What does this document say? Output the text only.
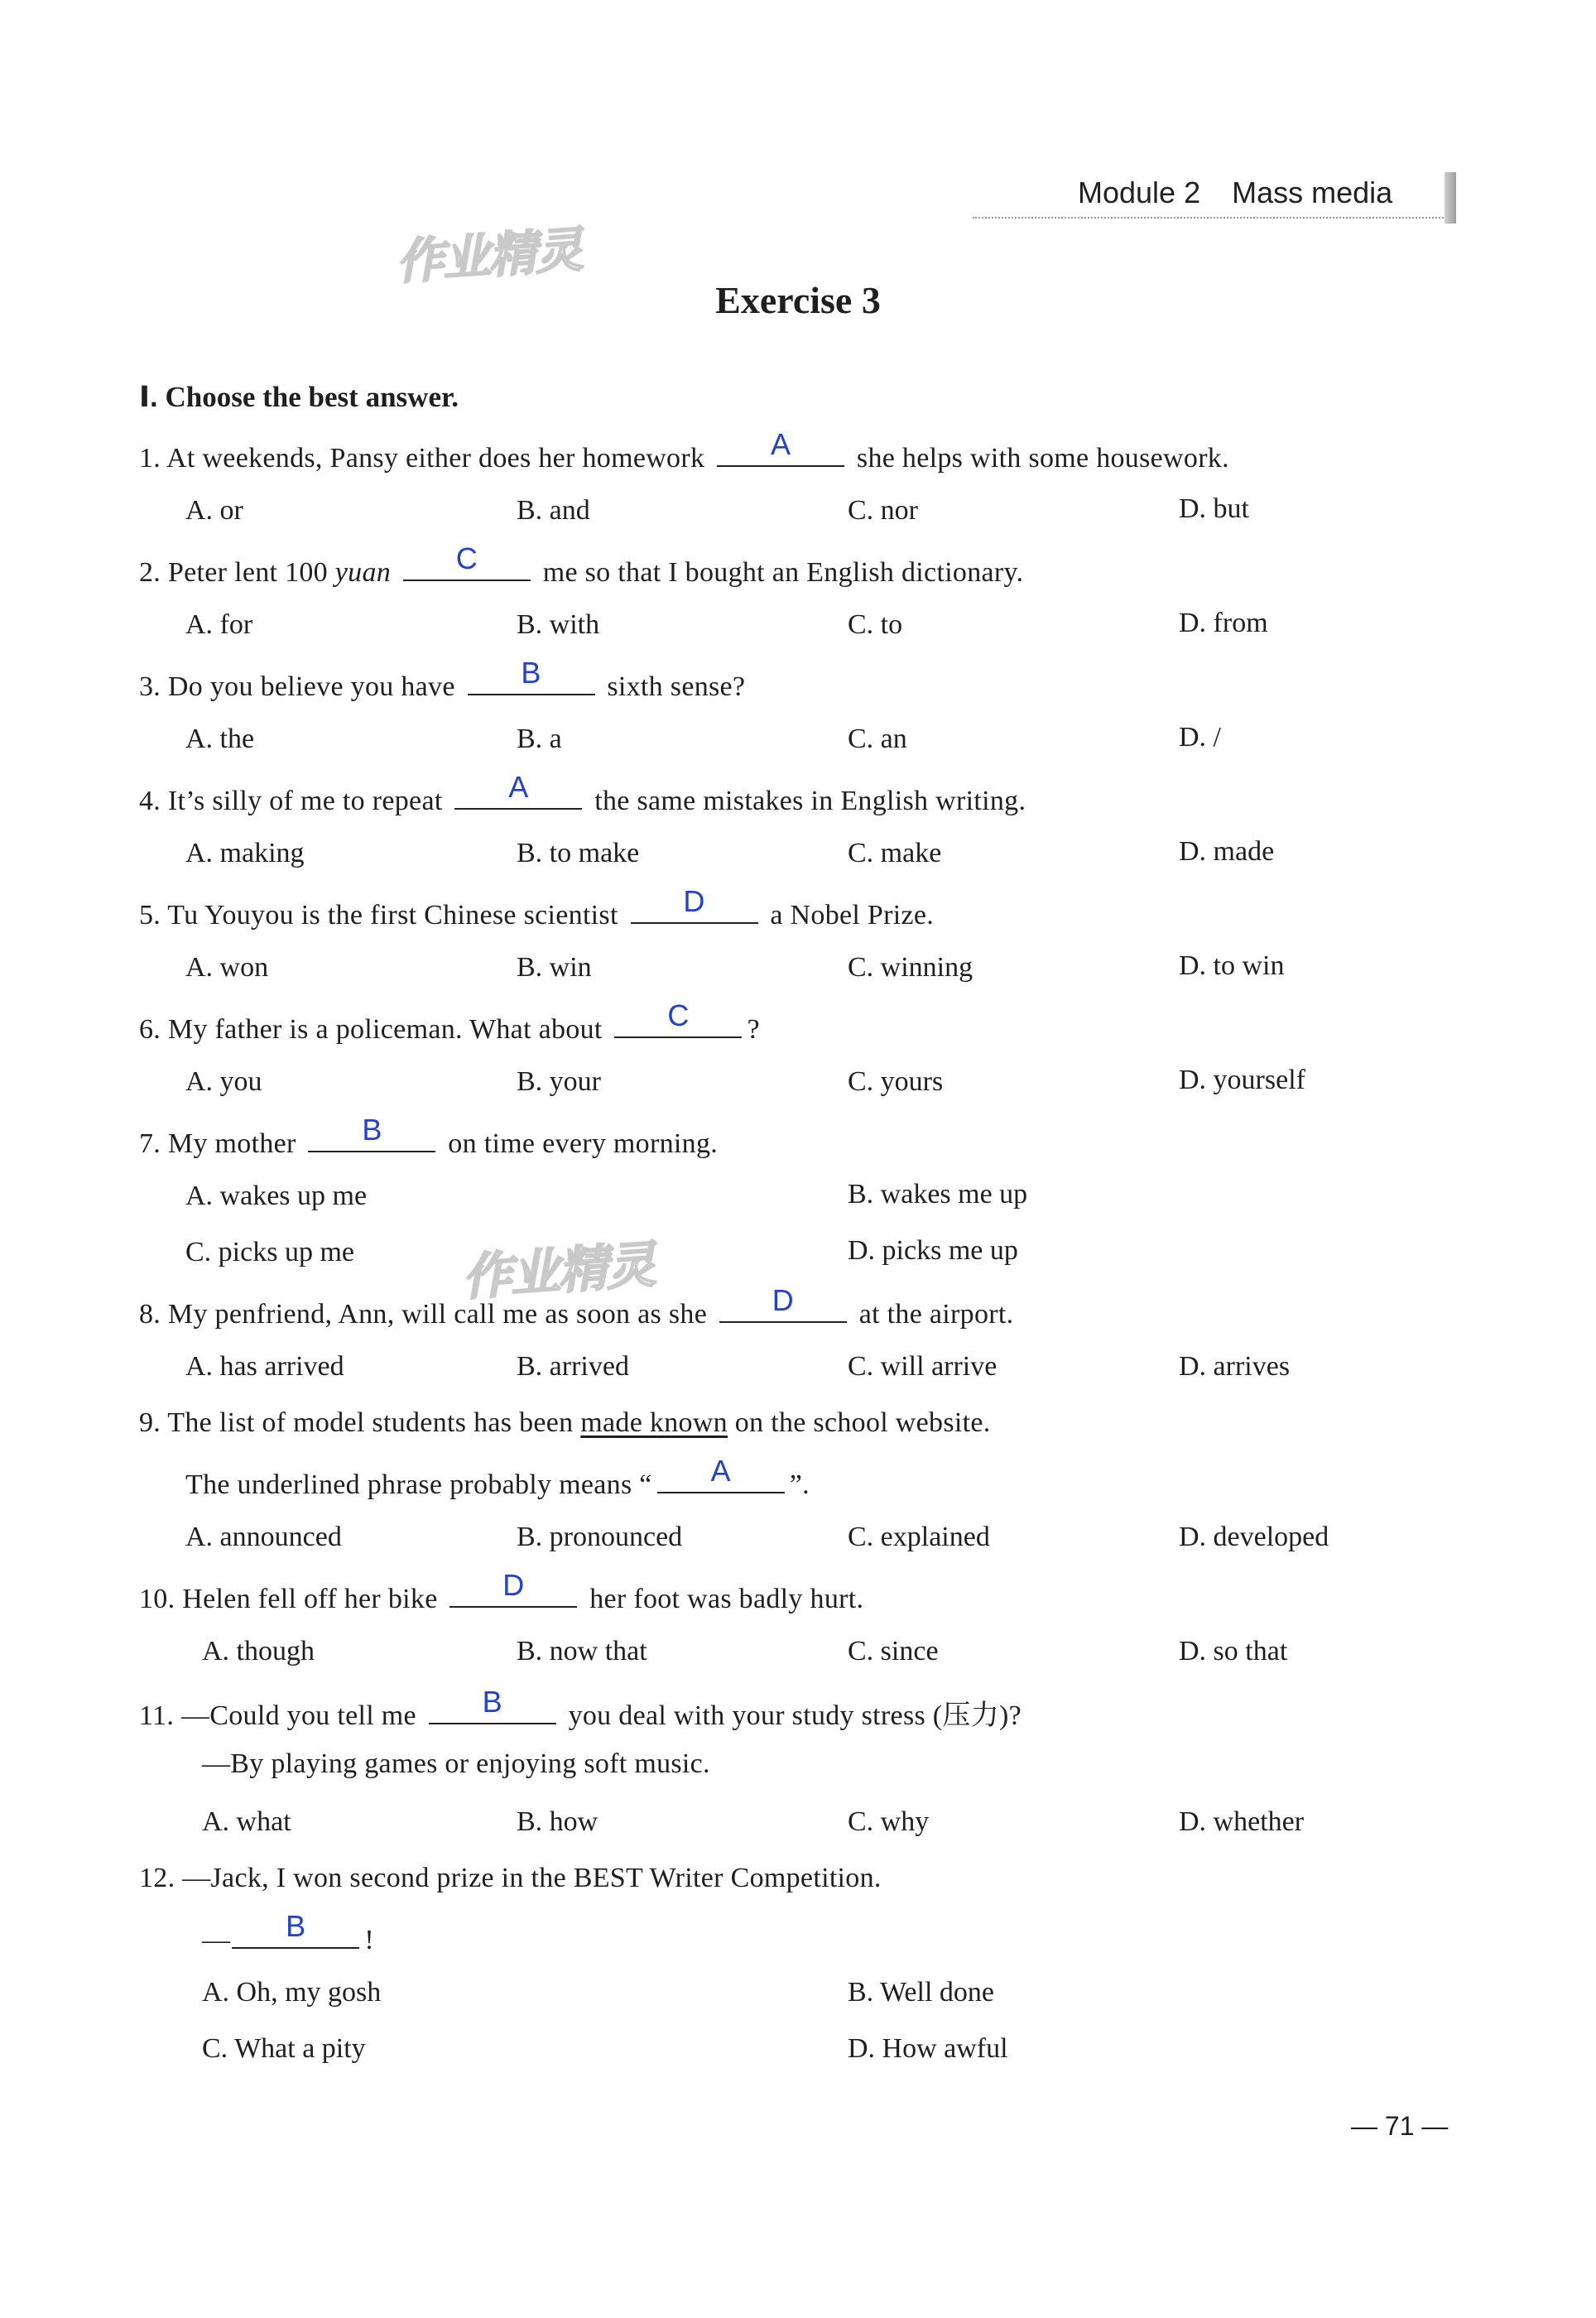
Module 2 Mass media
作业精灵
作业精灵
Exercise 3
Ⅰ. Choose the best answer.
1. At weekends, Pansy either does her homework	A	she helps with some housework.
A. or	B. and	C. nor	D. but
2. Peter lent 100 yuan	C	me so that I bought an English dictionary.
A. for	B. with	C. to	D. from
3. Do you believe you have	B	sixth sense?
A. the	B. a	C. an	D. /
4. It’s silly of me to repeat	A	the same mistakes in English writing.
A. making	B. to make	C. make	D. made
5. Tu Youyou is the first Chinese scientist	D	a Nobel Prize.
A. won	B. win	C. winning	D. to win
6. My father is a policeman. What about	C	?
A. you	B. your	C. yours	D. yourself
7. My mother	B	on time every morning.
A. wakes up me	B. wakes me up
C. picks up me	D. picks me up
8. My penfriend, Ann, will call me as soon as she	D	at the airport.
A. has arrived	B. arrived	C. will arrive	D. arrives
9. The list of model students has been made known on the school website.
The underlined phrase probably means “	A	”.
A. announced	B. pronounced	C. explained	D. developed
10. Helen fell off her bike	D	her foot was badly hurt.
A. though	B. now that	C. since	D. so that
11. —Could you tell me	B	you deal with your study stress (压力)?
—By playing games or enjoying soft music.
A. what	B. how	C. why	D. whether
12. —Jack, I won second prize in the BEST Writer Competition.
—	B	!
A. Oh, my gosh	B. Well done
C. What a pity	D. How awful
— 71 —
